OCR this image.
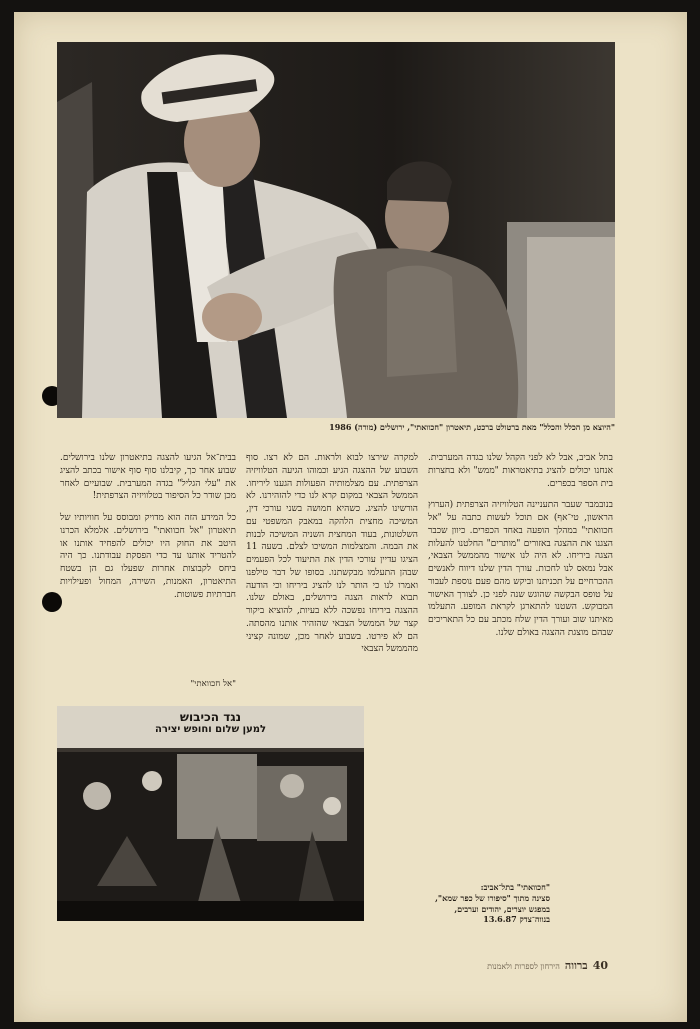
"היוצא מן הכלל והכלל" מאת ברטולט ברכט, תיאטרון "חכוואתי", ירושלים (מורה) 1986

בתל אביב, אבל לא לפני הקהל שלנו בגדה המערבית. אנחנו יכולים להציג בתיאטראות "ממש" ולא בחצרות בית הספר בכפרים.

בנובמבר שעבר התעניינה הטלוויזיה הצרפתית (הערוץ הראשון, טי־אף) אם תוכל לעשות כתבה על "אל חכוואתי" במהלך הופעה באחד הכפרים. כיוון שכבר הצגנו את ההצגה באזורים "מותרים" החלטנו להעלות הצגה ביריחו. לא היה לנו אישור מהממשל הצבאי, אבל נמאס לנו לחכות. עורך הדין שלנו דיווח לאנשים ההכרחיים על תכניתנו וביקש מהם פעם נוספת לעבור על טופס הבקשה שהוגש שנה לפני כן. לצורך האישור המבוקש. השטנו להתארגן לקראת המופע. התעלמו מאיתנו שוב ועורך הדין שלח מכתב עם כל התאריכים שבהם מוצגת ההצגה באולם שלנו.

למקרה שירצו לבוא ולראות. הם לא רצו. סוף השבוע של ההצגה הגיע וכמוהו הגיעה הטלוויזיה הצרפתית. עם מצלמותיה הפעולות הגענו ליריחו. הממשל הצבאי במקום קרא לנו כדי להזהירנו. לא הורשינו להציג. כשהיא חמושה בשני עורכי דין, המשיכה מחצית הלהקה במאבק המשפטי עם השלטונות, בעוד המחצית השניה המשיכה לבנות את הבמה. והמצלמות המשיכו לצלם. בשעה 11 הציגו עדיין עורכי הדין את התיעוד לכל הפעמים שבהן התעלמו מבקשתנו. בסופו של דבר טילפנו ואמרו לנו כי הותר לנו להציג ביריחו וכי הודעה תבוא לראות הצגה בירושלים, באולם שלנו. ההצגה ביריחו נפשכה ללא בעיות, להוציא ביקור קצר של הממשל הצבאי שהזהיר אותנו מהסתה. הם לא פירטו. בשבוע לאחר מכן, שמונה קציני מהממשל הצבאי

בבית־אל הגיעו להצגה בתיאטרון שלנו בירושלים. שבוע אחר כך, קיבלנו סוף סוף אישור בכתב להציג את "עלי הגליל" בגדה המערבית. שבועיים לאחר מכן שודר כל הסיפור בטלוויזיה הצרפתית!

כל המידע הזה הוא מדויק ומבוסס על חוויותיו של תיאטרון "אל חכוואתי" בירושלים. אלמלא הכרנו היטב את החוק היו יכולים להפחיד אותנו או להטריד אותנו עד כדי הפסקת עבודתנו. כך היה ביחס לקבוצות אחרות שפעלו גם הן בשטח התיאטרון, האמנות, השירה, המחול ופעילויות חברתיות פשוטות.

"אל חכוואתי"
נגד הכיבוש
למען שלום וחופש יצירה
"חכוואתי" בתל־אביב:
סצינה מתוך "סיפורו של כפר שמא",
במפגש יוצרים, יהודים וערבים,
בנווה־צדק 13.6.87
40 ברווה הירחון לספרות ולאמנות
